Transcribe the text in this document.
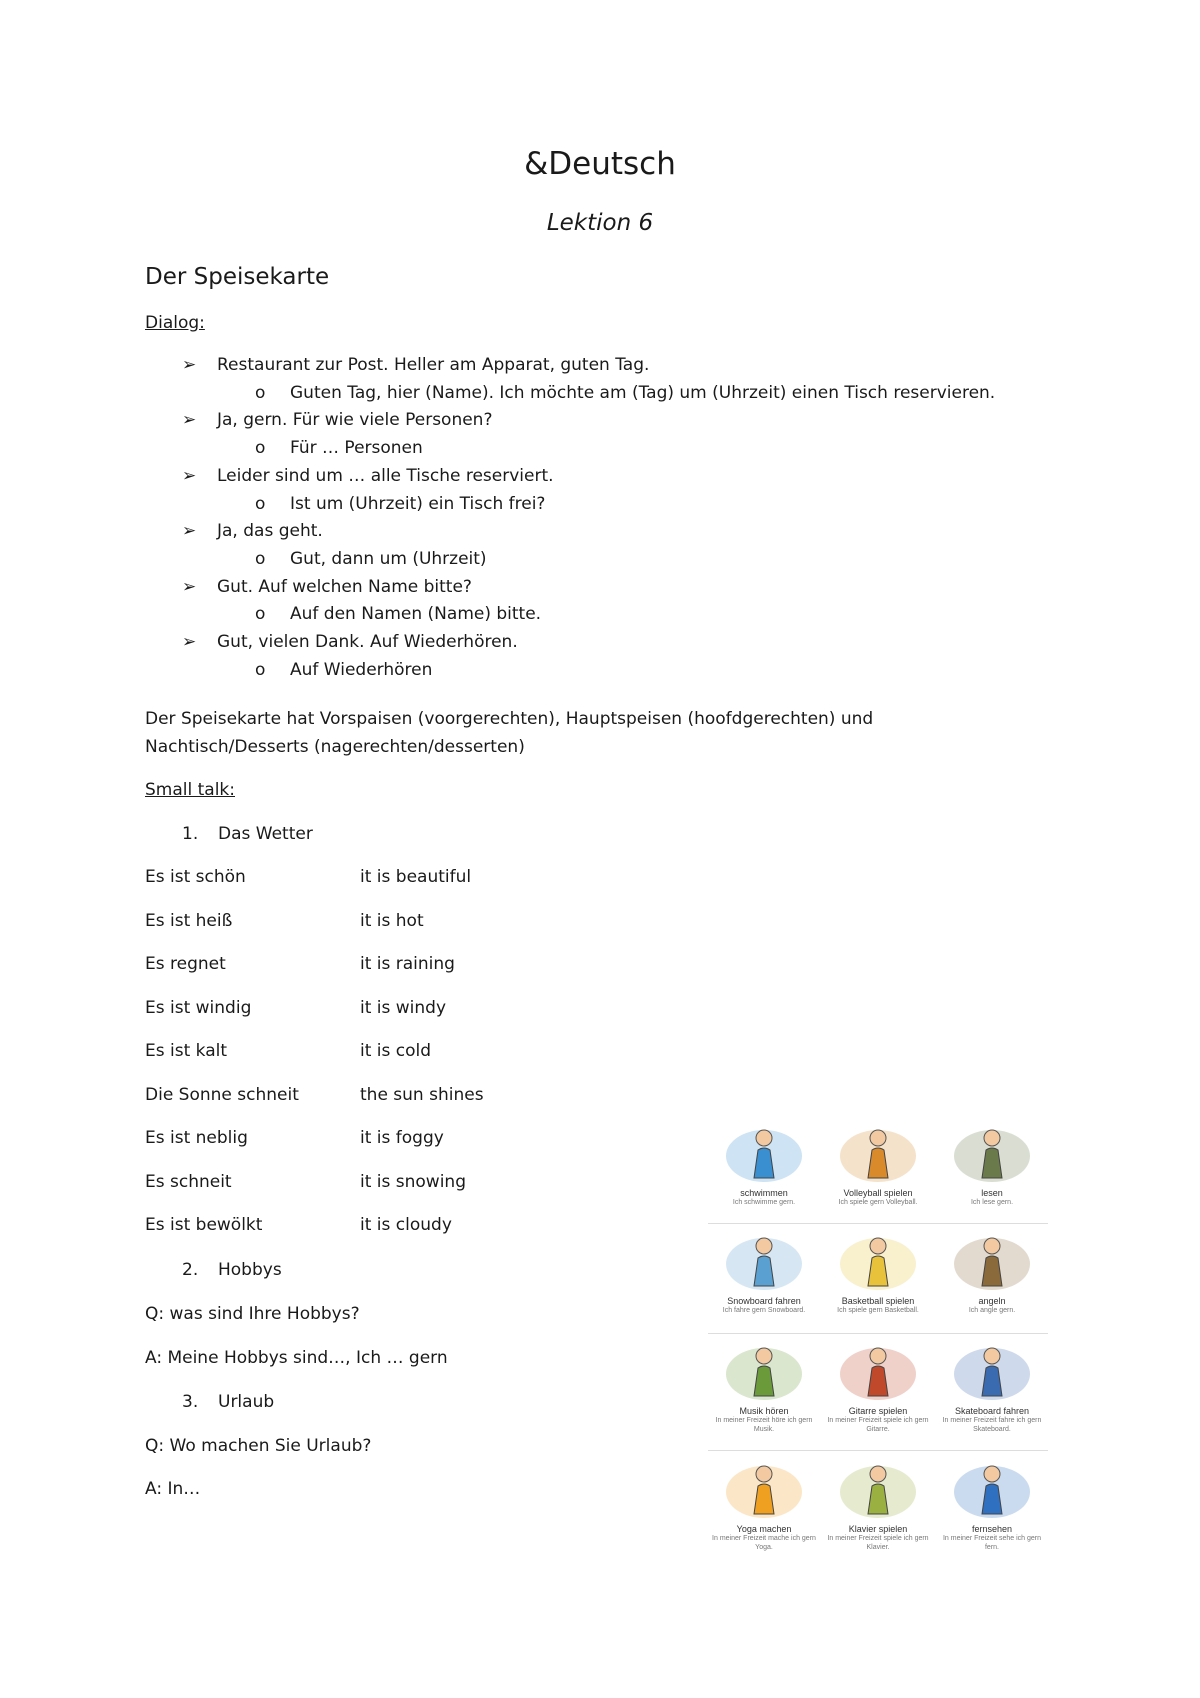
&Deutsch
Lektion 6
Der Speisekarte
Dialog:
➢ Restaurant zur Post. Heller am Apparat, guten Tag.
o Guten Tag, hier (Name). Ich möchte am (Tag) um (Uhrzeit) einen Tisch reservieren.
➢ Ja, gern. Für wie viele Personen?
o Für … Personen
➢ Leider sind um … alle Tische reserviert.
o Ist um (Uhrzeit) ein Tisch frei?
➢ Ja, das geht.
o Gut, dann um (Uhrzeit)
➢ Gut. Auf welchen Name bitte?
o Auf den Namen (Name) bitte.
➢ Gut, vielen Dank. Auf Wiederhören.
o Auf Wiederhören
Der Speisekarte hat Vorspaisen (voorgerechten), Hauptspeisen (hoofdgerechten) und Nachtisch/Desserts (nagerechten/desserten)
Small talk:
1. Das Wetter
Es ist schön	it is beautiful
Es ist heiß	it is hot
Es regnet	it is raining
Es ist windig	it is windy
Es ist kalt	it is cold
Die Sonne schneit	the sun shines
Es ist neblig	it is foggy
Es schneit	it is snowing
Es ist bewölkt	it is cloudy
2. Hobbys
Q: was sind Ihre Hobbys?
A: Meine Hobbys sind…, Ich … gern
3. Urlaub
Q: Wo machen Sie Urlaub?
A: In…
schwimmen
Ich schwimme gern.
Volleyball spielen
Ich spiele gern Volleyball.
lesen
Ich lese gern.
Snowboard fahren
Ich fahre gern Snowboard.
Basketball spielen
Ich spiele gern Basketball.
angeln
Ich angle gern.
Musik hören
In meiner Freizeit höre ich gern Musik.
Gitarre spielen
In meiner Freizeit spiele ich gern Gitarre.
Skateboard fahren
In meiner Freizeit fahre ich gern Skateboard.
Yoga machen
In meiner Freizeit mache ich gern Yoga.
Klavier spielen
In meiner Freizeit spiele ich gern Klavier.
fernsehen
In meiner Freizeit sehe ich gern fern.
